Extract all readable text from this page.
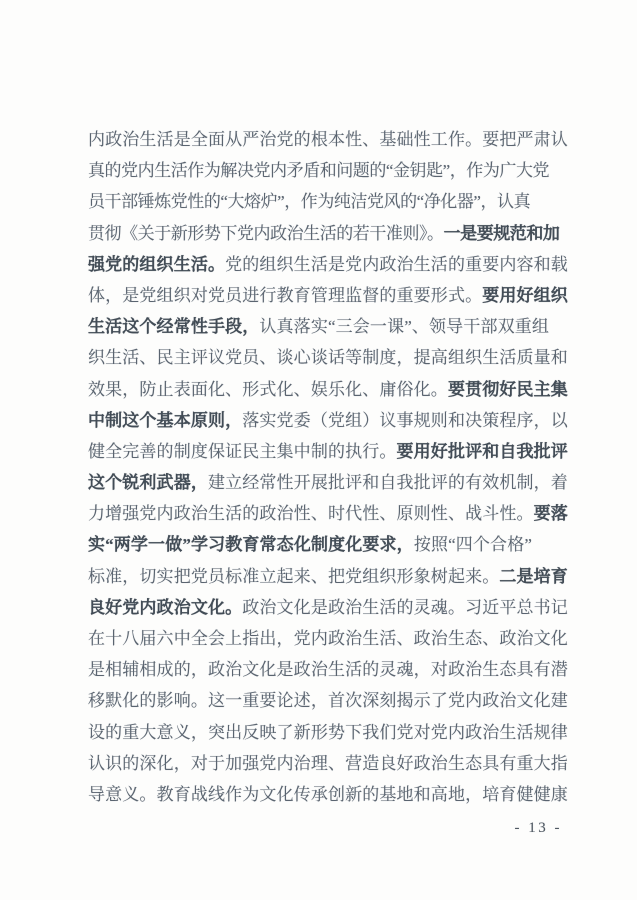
内政治生活是全面从严治党的根本性、基础性工作。要把严肃认
真的党内生活作为解决党内矛盾和问题的“金钥匙”，作为广大党
员干部锤炼党性的“大熔炉”，作为纯洁党风的“净化器”，认真
贯彻《关于新形势下党内政治生活的若干准则》。一是要规范和加
强党的组织生活。党的组织生活是党内政治生活的重要内容和载
体，是党组织对党员进行教育管理监督的重要形式。要用好组织
生活这个经常性手段，认真落实“三会一课”、领导干部双重组
织生活、民主评议党员、谈心谈话等制度，提高组织生活质量和
效果，防止表面化、形式化、娱乐化、庸俗化。要贯彻好民主集
中制这个基本原则，落实党委（党组）议事规则和决策程序，以
健全完善的制度保证民主集中制的执行。要用好批评和自我批评
这个锐利武器，建立经常性开展批评和自我批评的有效机制，着
力增强党内政治生活的政治性、时代性、原则性、战斗性。要落
实“两学一做”学习教育常态化制度化要求，按照“四个合格”
标准，切实把党员标准立起来、把党组织形象树起来。二是培育
良好党内政治文化。政治文化是政治生活的灵魂。习近平总书记
在十八届六中全会上指出，党内政治生活、政治生态、政治文化
是相辅相成的，政治文化是政治生活的灵魂，对政治生态具有潜
移默化的影响。这一重要论述，首次深刻揭示了党内政治文化建
设的重大意义，突出反映了新形势下我们党对党内政治生活规律
认识的深化，对于加强党内治理、营造良好政治生态具有重大指
导意义。教育战线作为文化传承创新的基地和高地，培育健健康
- 13 -
